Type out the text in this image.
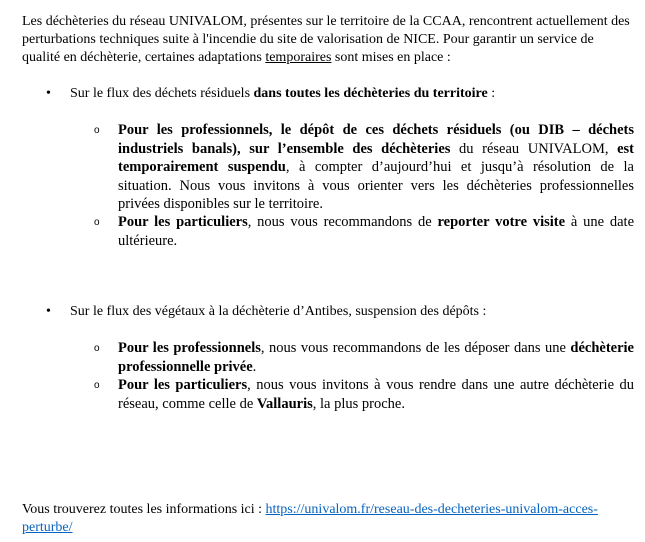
Les déchèteries du réseau UNIVALOM, présentes sur le territoire de la CCAA, rencontrent actuellement des perturbations techniques suite à l'incendie du site de valorisation de NICE. Pour garantir un service de qualité en déchèterie, certaines adaptations temporaires sont mises en place :

•	Sur le flux des déchets résiduels dans toutes les déchèteries du territoire :
o	Pour les professionnels, le dépôt de ces déchets résiduels (ou DIB – déchets industriels banals), sur l’ensemble des déchèteries du réseau UNIVALOM, est temporairement suspendu, à compter d’aujourd’hui et jusqu’à résolution de la situation. Nous vous invitons à vous orienter vers les déchèteries professionnelles privées disponibles sur le territoire.

o	Pour les particuliers, nous vous recommandons de reporter votre visite à une date ultérieure.

•	Sur le flux des végétaux à la déchèterie d’Antibes, suspension des dépôts :
o	Pour les professionnels, nous vous recommandons de les déposer dans une déchèterie professionnelle privée.

o	Pour les particuliers, nous vous invitons à vous rendre dans une autre déchèterie du réseau, comme celle de Vallauris, la plus proche.

Vous trouverez toutes les informations ici : https://univalom.fr/reseau-des-decheteries-univalom-acces-perturbe/
